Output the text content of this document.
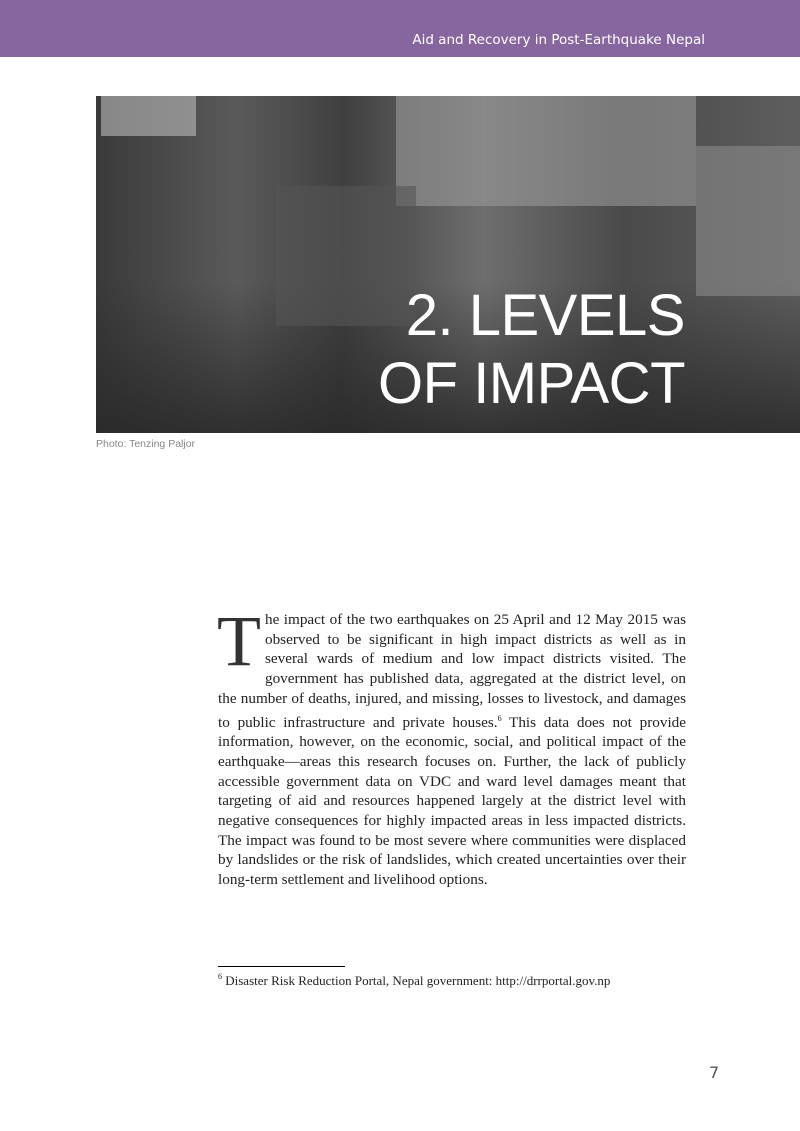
Aid and Recovery in Post-Earthquake Nepal
2. LEVELS
OF IMPACT
Photo: Tenzing Paljor

The impact of the two earthquakes on 25 April and 12 May 2015 was observed to be significant in high impact districts as well as in several wards of medium and low impact districts visited. The government has published data, aggregated at the district level, on the number of deaths, injured, and missing, losses to livestock, and damages to public infrastructure and private houses.$^6$ This data does not provide information, however, on the economic, social, and political impact of the earthquake—areas this research focuses on. Further, the lack of publicly accessible government data on VDC and ward level damages meant that targeting of aid and resources happened largely at the district level with negative consequences for highly impacted areas in less impacted districts. The impact was found to be most severe where communities were displaced by landslides or the risk of landslides, which created uncertainties over their long-term settlement and livelihood options.

$^6$ Disaster Risk Reduction Portal, Nepal government: http://drrportal.gov.np
7
